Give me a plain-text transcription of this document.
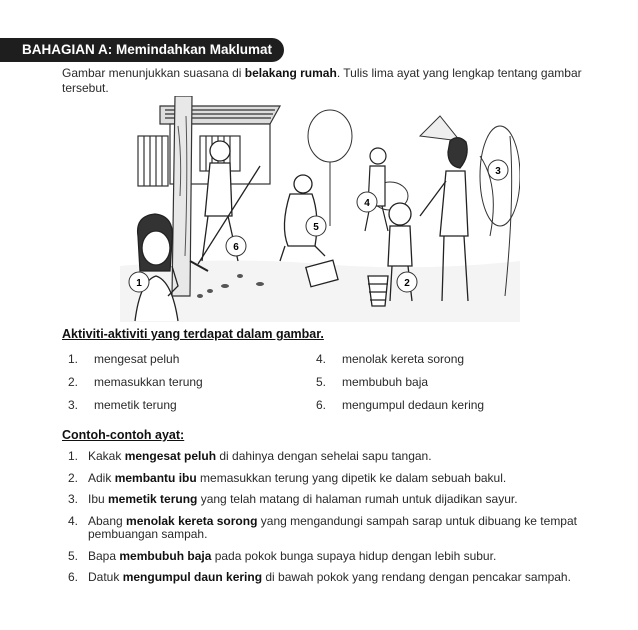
BAHAGIAN A: Memindahkan Maklumat
Gambar menunjukkan suasana di belakang rumah. Tulis lima ayat yang lengkap tentang gambar tersebut.
1	2
3
4
5
6
Aktiviti-aktiviti yang terdapat dalam gambar.
1. mengesat peluh
2. memasukkan terung
3. memetik terung
4. menolak kereta sorong
5. membubuh baja
6. mengumpul dedaun kering
Contoh-contoh ayat:
1. Kakak mengesat peluh di dahinya dengan sehelai sapu tangan.
2. Adik membantu ibu memasukkan terung yang dipetik ke dalam sebuah bakul.
3. Ibu memetik terung yang telah matang di halaman rumah untuk dijadikan sayur.
4. Abang menolak kereta sorong yang mengandungi sampah sarap untuk dibuang ke tempat pembuangan sampah.
5. Bapa membubuh baja pada pokok bunga supaya hidup dengan lebih subur.
6. Datuk mengumpul daun kering di bawah pokok yang rendang dengan pencakar sampah.
